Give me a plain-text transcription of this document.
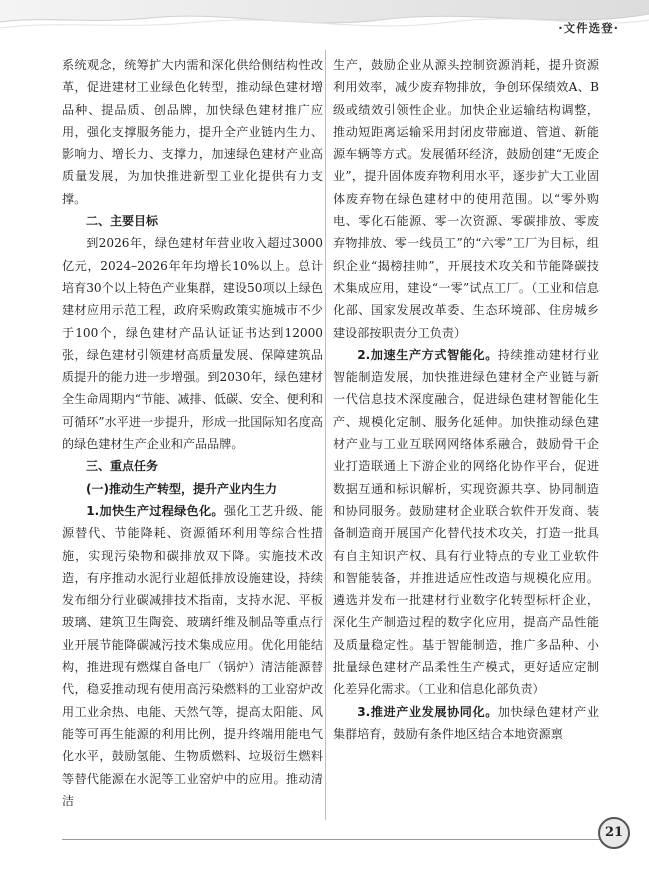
·文件选登·

系统观念，统筹扩大内需和深化供给侧结构性改革，促进建材工业绿色化转型，推动绿色建材增品种、提品质、创品牌，加快绿色建材推广应用，强化支撑服务能力，提升全产业链内生力、影响力、增长力、支撑力，加速绿色建材产业高质量发展，为加快推进新型工业化提供有力支撑。

二、主要目标

到2026年，绿色建材年营业收入超过3000亿元，2024–2026年年均增长10%以上。总计培育30个以上特色产业集群，建设50项以上绿色建材应用示范工程，政府采购政策实施城市不少于100个，绿色建材产品认证证书达到12000张，绿色建材引领建材高质量发展、保障建筑品质提升的能力进一步增强。到2030年，绿色建材全生命周期内“节能、减排、低碳、安全、便利和可循环”水平进一步提升，形成一批国际知名度高的绿色建材生产企业和产品品牌。

三、重点任务

(一)推动生产转型，提升产业内生力

1.加快生产过程绿色化。强化工艺升级、能源替代、节能降耗、资源循环利用等综合性措施，实现污染物和碳排放双下降。实施技术改造，有序推动水泥行业超低排放设施建设，持续发布细分行业碳减排技术指南，支持水泥、平板玻璃、建筑卫生陶瓷、玻璃纤维及制品等重点行业开展节能降碳减污技术集成应用。优化用能结构，推进现有燃煤自备电厂（锅炉）清洁能源替代，稳妥推动现有使用高污染燃料的工业窑炉改用工业余热、电能、天然气等，提高太阳能、风能等可再生能源的利用比例，提升终端用能电气化水平，鼓励氢能、生物质燃料、垃圾衍生燃料等替代能源在水泥等工业窑炉中的应用。推动清洁

生产，鼓励企业从源头控制资源消耗，提升资源利用效率，减少废弃物排放，争创环保绩效A、B级或绩效引领性企业。加快企业运输结构调整，推动短距离运输采用封闭皮带廊道、管道、新能源车辆等方式。发展循环经济，鼓励创建“无废企业”，提升固体废弃物利用水平，逐步扩大工业固体废弃物在绿色建材中的使用范围。以“零外购电、零化石能源、零一次资源、零碳排放、零废弃物排放、零一线员工”的“六零”工厂为目标，组织企业“揭榜挂帅”，开展技术攻关和节能降碳技术集成应用，建设“一零”试点工厂。（工业和信息化部、国家发展改革委、生态环境部、住房城乡建设部按职责分工负责）

2.加速生产方式智能化。持续推动建材行业智能制造发展，加快推进绿色建材全产业链与新一代信息技术深度融合，促进绿色建材智能化生产、规模化定制、服务化延伸。加快推动绿色建材产业与工业互联网网络体系融合，鼓励骨干企业打造联通上下游企业的网络化协作平台，促进数据互通和标识解析，实现资源共享、协同制造和协同服务。鼓励建材企业联合软件开发商、装备制造商开展国产化替代技术攻关，打造一批具有自主知识产权、具有行业特点的专业工业软件和智能装备，并推进适应性改造与规模化应用。遴选并发布一批建材行业数字化转型标杆企业，深化生产制造过程的数字化应用，提高产品性能及质量稳定性。基于智能制造，推广多品种、小批量绿色建材产品柔性生产模式，更好适应定制化差异化需求。（工业和信息化部负责）

3.推进产业发展协同化。加快绿色建材产业集群培育，鼓励有条件地区结合本地资源禀

21
